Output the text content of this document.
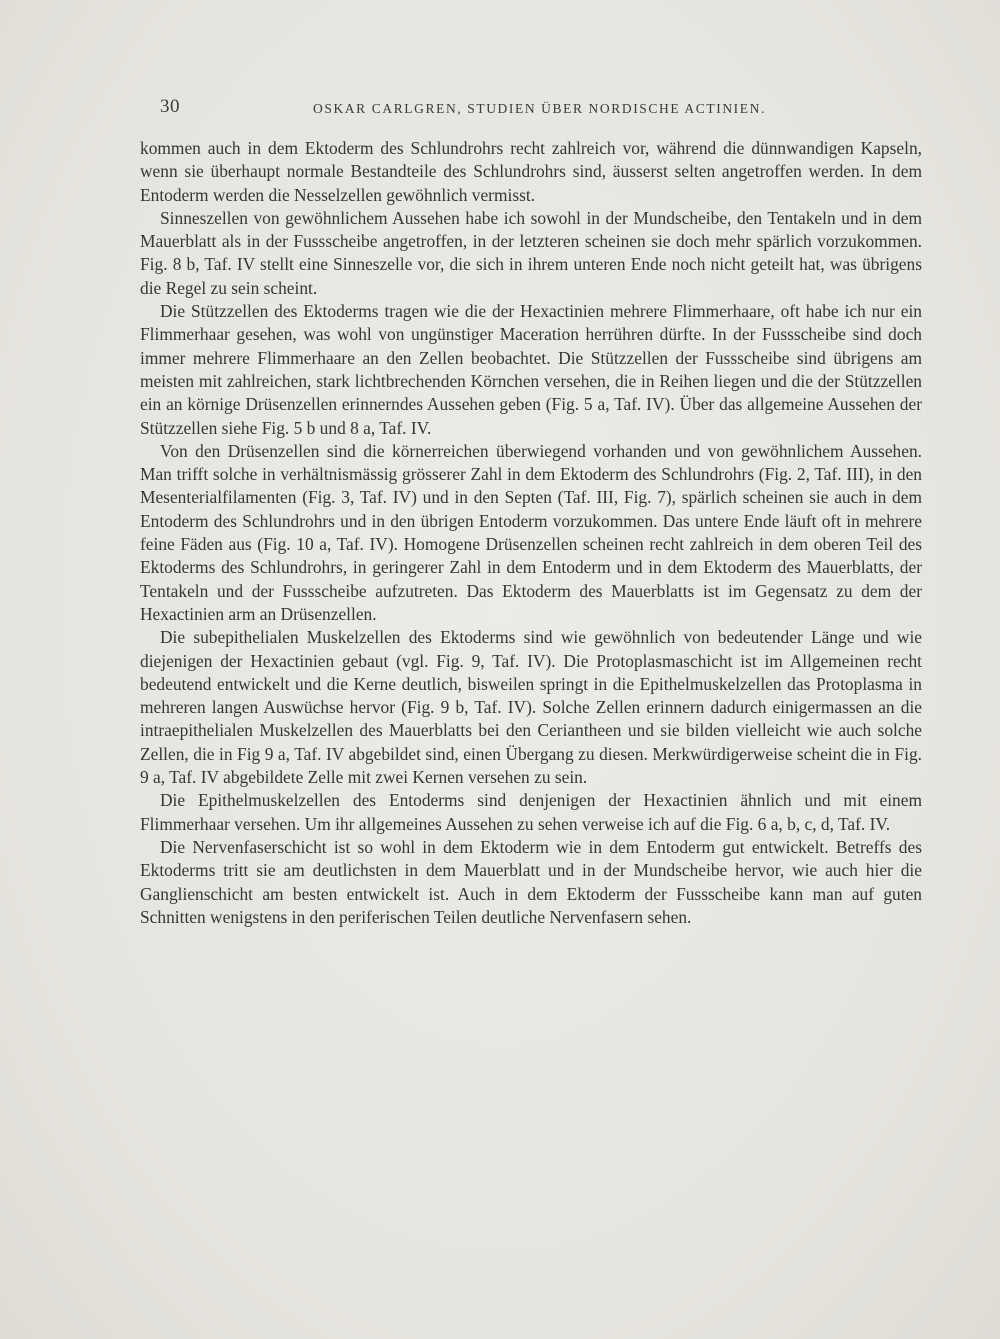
30	OSKAR CARLGREN, STUDIEN ÜBER NORDISCHE ACTINIEN.

kommen auch in dem Ektoderm des Schlundrohrs recht zahlreich vor, während die dünnwandigen Kapseln, wenn sie überhaupt normale Bestandteile des Schlundrohrs sind, äusserst selten angetroffen werden. In dem Entoderm werden die Nesselzellen gewöhnlich vermisst.

Sinneszellen von gewöhnlichem Aussehen habe ich sowohl in der Mundscheibe, den Tentakeln und in dem Mauerblatt als in der Fussscheibe angetroffen, in der letzteren scheinen sie doch mehr spärlich vorzukommen. Fig. 8 b, Taf. IV stellt eine Sinneszelle vor, die sich in ihrem unteren Ende noch nicht geteilt hat, was übrigens die Regel zu sein scheint.

Die Stützzellen des Ektoderms tragen wie die der Hexactinien mehrere Flimmerhaare, oft habe ich nur ein Flimmerhaar gesehen, was wohl von ungünstiger Maceration herrühren dürfte. In der Fussscheibe sind doch immer mehrere Flimmerhaare an den Zellen beobachtet. Die Stützzellen der Fussscheibe sind übrigens am meisten mit zahlreichen, stark lichtbrechenden Körnchen versehen, die in Reihen liegen und die der Stützzellen ein an körnige Drüsenzellen erinnerndes Aussehen geben (Fig. 5 a, Taf. IV). Über das allgemeine Aussehen der Stützzellen siehe Fig. 5 b und 8 a, Taf. IV.

Von den Drüsenzellen sind die körnerreichen überwiegend vorhanden und von gewöhnlichem Aussehen. Man trifft solche in verhältnismässig grösserer Zahl in dem Ektoderm des Schlundrohrs (Fig. 2, Taf. III), in den Mesenterialfilamenten (Fig. 3, Taf. IV) und in den Septen (Taf. III, Fig. 7), spärlich scheinen sie auch in dem Entoderm des Schlundrohrs und in den übrigen Entoderm vorzukommen. Das untere Ende läuft oft in mehrere feine Fäden aus (Fig. 10 a, Taf. IV). Homogene Drüsenzellen scheinen recht zahlreich in dem oberen Teil des Ektoderms des Schlundrohrs, in geringerer Zahl in dem Entoderm und in dem Ektoderm des Mauerblatts, der Tentakeln und der Fussscheibe aufzutreten. Das Ektoderm des Mauerblatts ist im Gegensatz zu dem der Hexactinien arm an Drüsenzellen.

Die subepithelialen Muskelzellen des Ektoderms sind wie gewöhnlich von bedeutender Länge und wie diejenigen der Hexactinien gebaut (vgl. Fig. 9, Taf. IV). Die Protoplasmaschicht ist im Allgemeinen recht bedeutend entwickelt und die Kerne deutlich, bisweilen springt in die Epithelmuskelzellen das Protoplasma in mehreren langen Auswüchse hervor (Fig. 9 b, Taf. IV). Solche Zellen erinnern dadurch einigermassen an die intraepithelialen Muskelzellen des Mauerblatts bei den Ceriantheen und sie bilden vielleicht wie auch solche Zellen, die in Fig 9 a, Taf. IV abgebildet sind, einen Übergang zu diesen. Merkwürdigerweise scheint die in Fig. 9 a, Taf. IV abgebildete Zelle mit zwei Kernen versehen zu sein.

Die Epithelmuskelzellen des Entoderms sind denjenigen der Hexactinien ähnlich und mit einem Flimmerhaar versehen. Um ihr allgemeines Aussehen zu sehen verweise ich auf die Fig. 6 a, b, c, d, Taf. IV.

Die Nervenfaserschicht ist so wohl in dem Ektoderm wie in dem Entoderm gut entwickelt. Betreffs des Ektoderms tritt sie am deutlichsten in dem Mauerblatt und in der Mundscheibe hervor, wie auch hier die Ganglienschicht am besten entwickelt ist. Auch in dem Ektoderm der Fussscheibe kann man auf guten Schnitten wenigstens in den periferischen Teilen deutliche Nervenfasern sehen.
